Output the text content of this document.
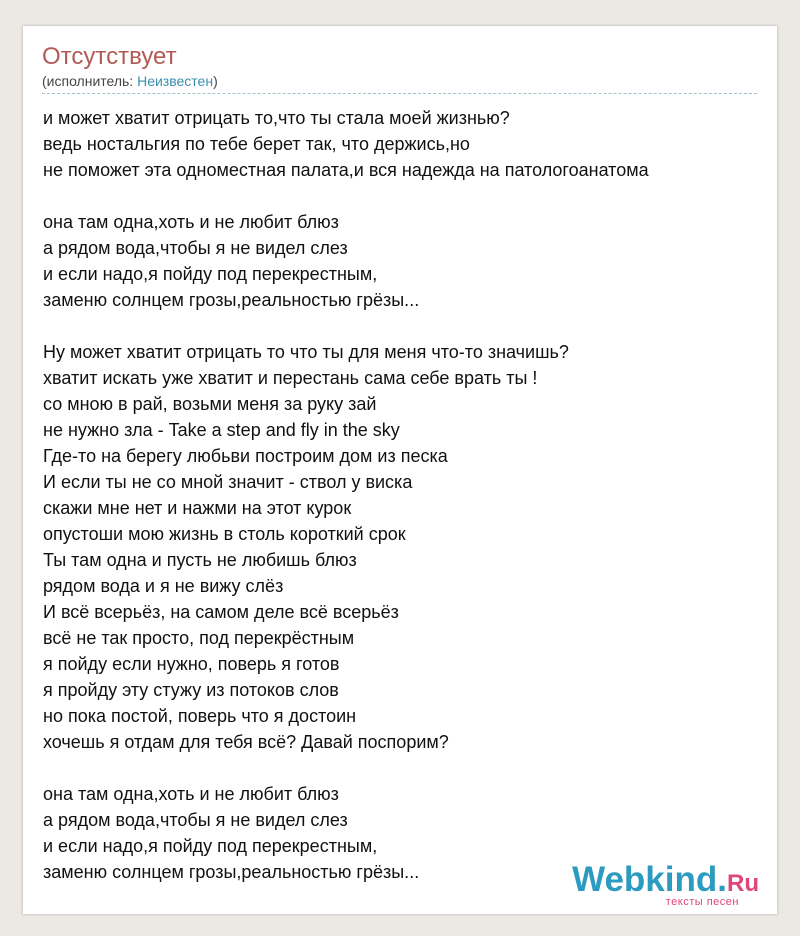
Отсутствует
(исполнитель: Неизвестен)
и может хватит отрицать то,что ты стала моей жизнью?
ведь ностальгия по тебе берет так, что держись,но
не поможет эта одноместная палата,и вся надежда на патологоанатома
она там одна,хоть и не любит блюз
а рядом вода,чтобы я не видел слез
и если надо,я пойду под перекрестным,
заменю солнцем грозы,реальностью грёзы...
Ну может хватит отрицать то что ты для меня что-то значишь?
хватит искать уже хватит и перестань сама себе врать ты !
со мною в рай, возьми меня за руку зай
не нужно зла - Take a step and fly in the sky
Где-то на берегу любьви построим дом из песка
И если ты не со мной значит - ствол у виска
скажи мне нет и нажми на этот курок
опустоши мою жизнь в столь короткий срок
Ты там одна и пусть не любишь блюз
рядом вода и я не вижу слёз
И всё всерьёз, на самом деле всё всерьёз
всё не так просто, под перекрёстным
я пойду если нужно, поверь я готов
я пройду эту стужу из потоков слов
но пока постой, поверь что я достоин
хочешь я отдам для тебя всё? Давай поспорим?
она там одна,хоть и не любит блюз
а рядом вода,чтобы я не видел слез
и если надо,я пойду под перекрестным,
заменю солнцем грозы,реальностью грёзы...	Webkind.Ru
тексты песен
